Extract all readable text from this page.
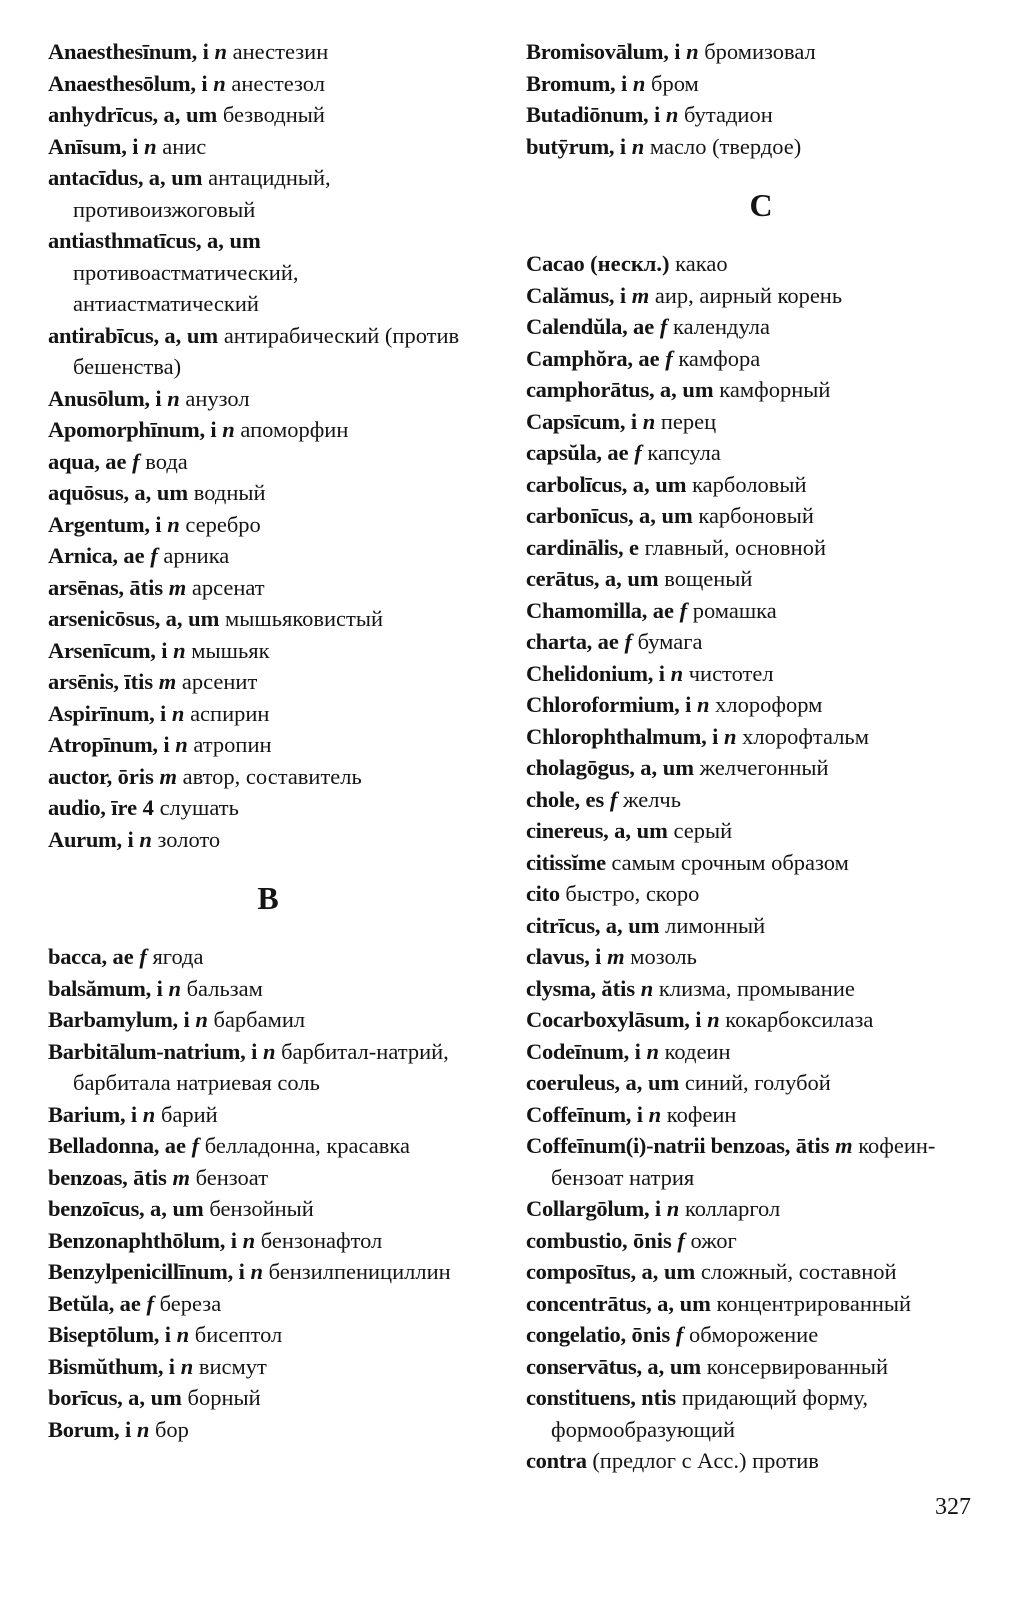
Anaesthesīnum, i n анестезин
Anaesthesōlum, i n анестезол
anhydrīcus, a, um безводный
Anīsum, i n анис
antacīdus, a, um антацидный, противоизжоговый
antiasthmatīcus, a, um противоастматический, антиастматический
antirabīcus, a, um антирабический (против бешенства)
Anusōlum, i n анузол
Apomorphīnum, i n апоморфин
aqua, ae f вода
aquōsus, a, um водный
Argentum, i n серебро
Arnica, ae f арника
arsēnas, ātis m арсенат
arsenicōsus, a, um мышьяковистый
Arsenīcum, i n мышьяк
arsēnis, ītis m арсенит
Aspirīnum, i n аспирин
Atropīnum, i n атропин
auctor, ōris m автор, составитель
audio, īre 4 слушать
Aurum, i n золото
B
bacca, ae f ягода
balsămum, i n бальзам
Barbamylum, i n барбамил
Barbitālum-natrium, i n барбитал-натрий, барбитала натриевая соль
Barium, i n барий
Belladonna, ae f белладонна, красавка
benzoas, ātis m бензоат
benzoīcus, a, um бензойный
Benzonaphthōlum, i n бензонафтол
Benzylpenicillīnum, i n бензилпенициллин
Betŭla, ae f береза
Biseptōlum, i n бисептол
Bismŭthum, i n висмут
borīcus, a, um борный
Borum, i n бор
Bromisovālum, i n бромизовал
Bromum, i n бром
Butadiōnum, i n бутадион
butȳrum, i n масло (твердое)
C
Cacao (нескл.) какао
Calămus, i m аир, аирный корень
Calendŭla, ae f календула
Camphŏra, ae f камфора
camphorātus, a, um камфорный
Capsīcum, i n перец
capsŭla, ae f капсула
carbolīcus, a, um карболовый
carbonīcus, a, um карбоновый
cardinālis, e главный, основной
cerātus, a, um вощеный
Chamomilla, ae f ромашка
charta, ae f бумага
Chelidonium, i n чистотел
Chloroformium, i n хлороформ
Chlorophthalmum, i n хлорофтальм
cholagōgus, a, um желчегонный
chole, es f желчь
cinereus, a, um серый
citissĭme самым срочным образом
cito быстро, скоро
citrīcus, a, um лимонный
clavus, i m мозоль
clysma, ătis n клизма, промывание
Cocarboxylāsum, i n кокарбоксилаза
Codeīnum, i n кодеин
coeruleus, a, um синий, голубой
Coffeīnum, i n кофеин
Coffeīnum(i)-natrii benzoas, ātis m кофеин-бензоат натрия
Collargōlum, i n колларгол
combustio, ōnis f ожог
composītus, a, um сложный, составной
concentrātus, a, um концентрированный
congelatio, ōnis f обморожение
conservātus, a, um консервированный
constituens, ntis придающий форму, формообразующий
contra (предлог с Acc.) против
327
